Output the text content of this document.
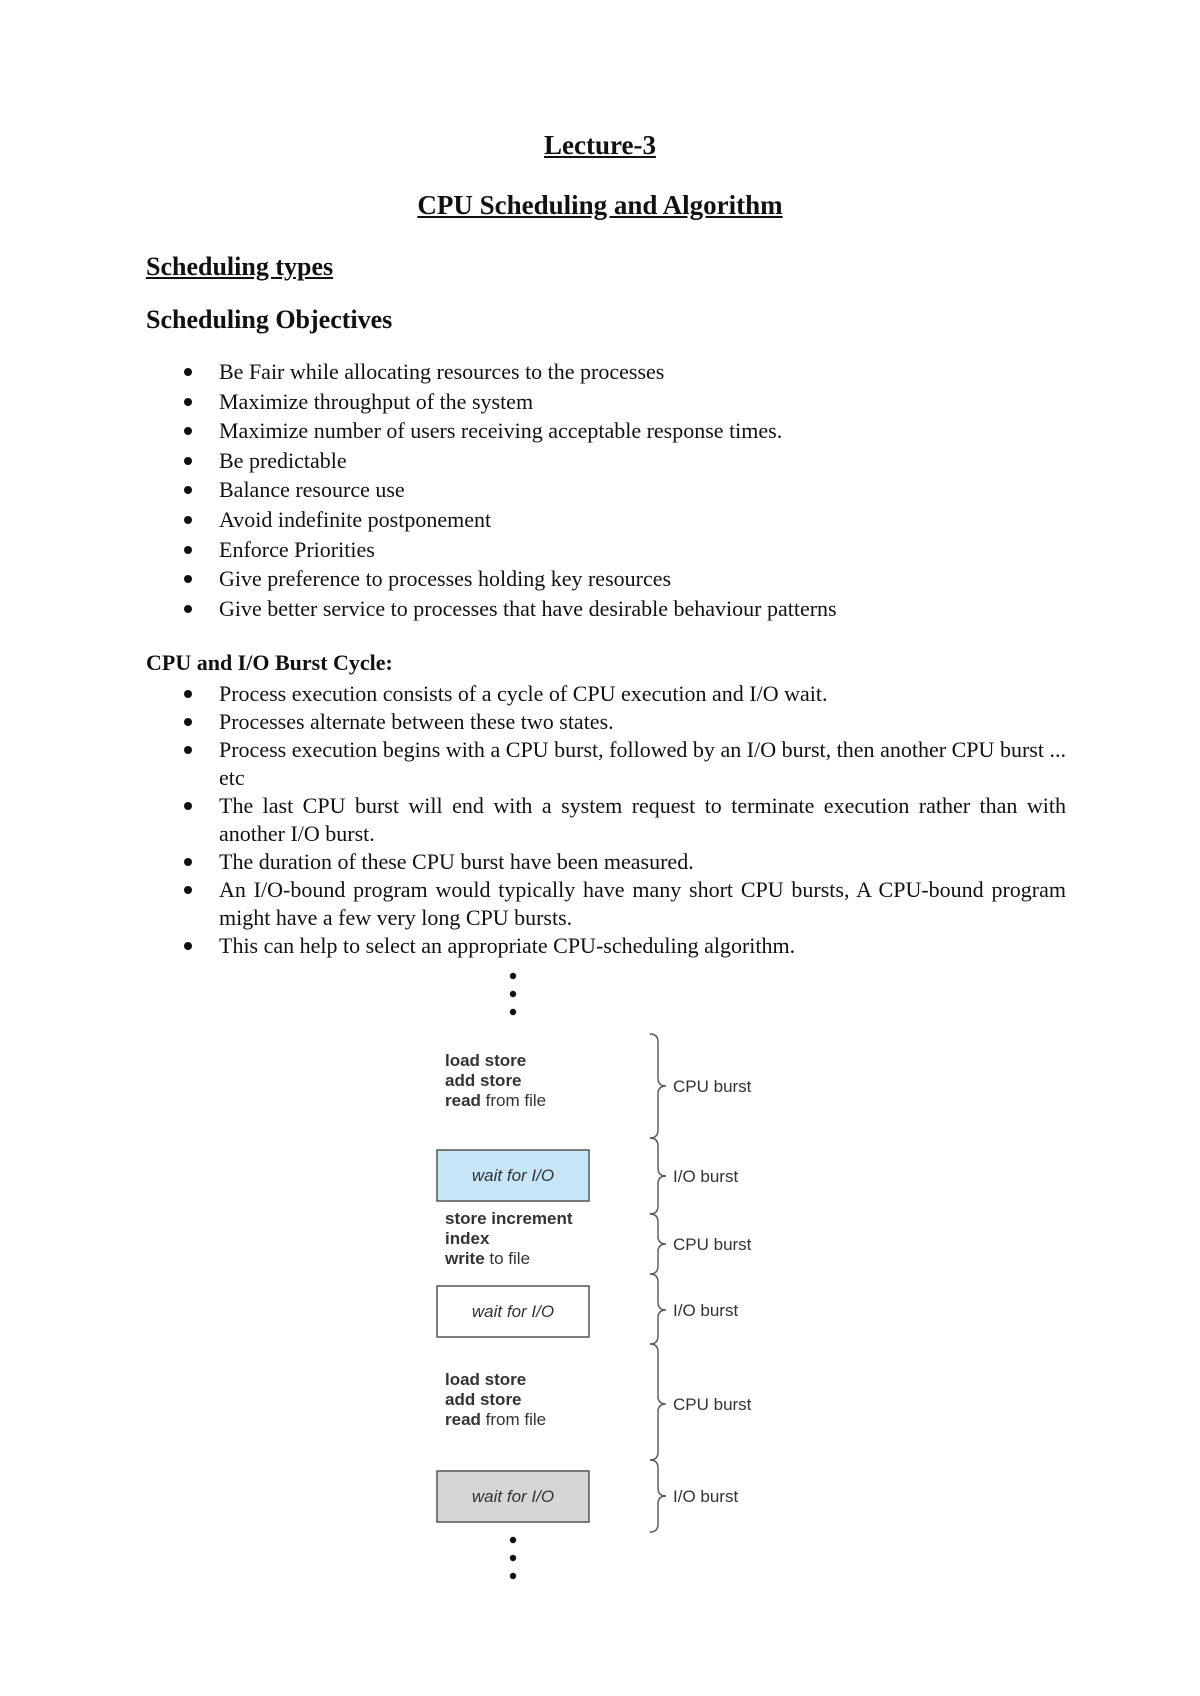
Lecture-3
CPU Scheduling and Algorithm
Scheduling types
Scheduling Objectives
Be Fair while allocating resources to the processes
Maximize throughput of the system
Maximize number of users receiving acceptable response times.
Be predictable
Balance resource use
Avoid indefinite postponement
Enforce Priorities
Give preference to processes holding key resources
Give better service to processes that have desirable behaviour patterns
CPU and I/O Burst Cycle:
Process execution consists of a cycle of CPU execution and I/O wait.
Processes alternate between these two states.
Process execution begins with a CPU burst, followed by an I/O burst, then another CPU burst ... etc
The last CPU burst will end with a system request to terminate execution rather than with another I/O burst.
The duration of these CPU burst have been measured.
An I/O-bound program would typically have many short CPU bursts, A CPU-bound program might have a few very long CPU bursts.
This can help to select an appropriate CPU-scheduling algorithm.
load store
add store
read from file
wait for I/O
store increment
index
write to file
wait for I/O
load store
add store
read from file
wait for I/O
CPU burst
I/O burst
CPU burst
I/O burst
CPU burst
I/O burst
